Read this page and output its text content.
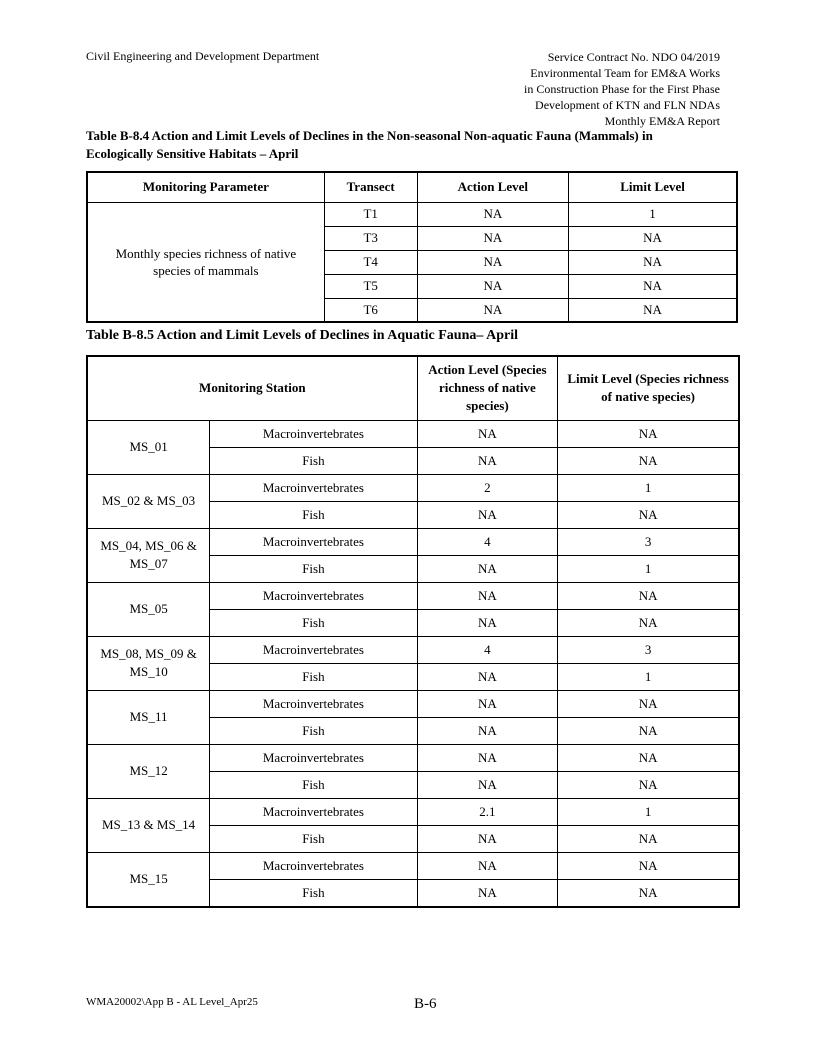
Civil Engineering and Development Department	Service Contract No. NDO 04/2019
Environmental Team for EM&A Works
in Construction Phase for the First Phase
Development of KTN and FLN NDAs
Monthly EM&A Report
Table B-8.4 Action and Limit Levels of Declines in the Non-seasonal Non-aquatic Fauna (Mammals) in
Ecologically Sensitive Habitats – April
Monitoring Parameter	Transect	Action Level	Limit Level
Monthly species richness of native species of mammals	T1	NA	1
	T3	NA	NA
	T4	NA	NA
	T5	NA	NA
	T6	NA	NA
Table B-8.5 Action and Limit Levels of Declines in Aquatic Fauna– April
Monitoring Station		Action Level (Species richness of native species)	Limit Level (Species richness of native species)
MS_01	Macroinvertebrates	NA	NA
	Fish	NA	NA
MS_02 & MS_03	Macroinvertebrates	2	1
	Fish	NA	NA
MS_04, MS_06 & MS_07	Macroinvertebrates	4	3
	Fish	NA	1
MS_05	Macroinvertebrates	NA	NA
	Fish	NA	NA
MS_08, MS_09 & MS_10	Macroinvertebrates	4	3
	Fish	NA	1
MS_11	Macroinvertebrates	NA	NA
	Fish	NA	NA
MS_12	Macroinvertebrates	NA	NA
	Fish	NA	NA
MS_13 & MS_14	Macroinvertebrates	2.1	1
	Fish	NA	NA
MS_15	Macroinvertebrates	NA	NA
	Fish	NA	NA
WMA20002\App B - AL Level_Apr25	B-6
